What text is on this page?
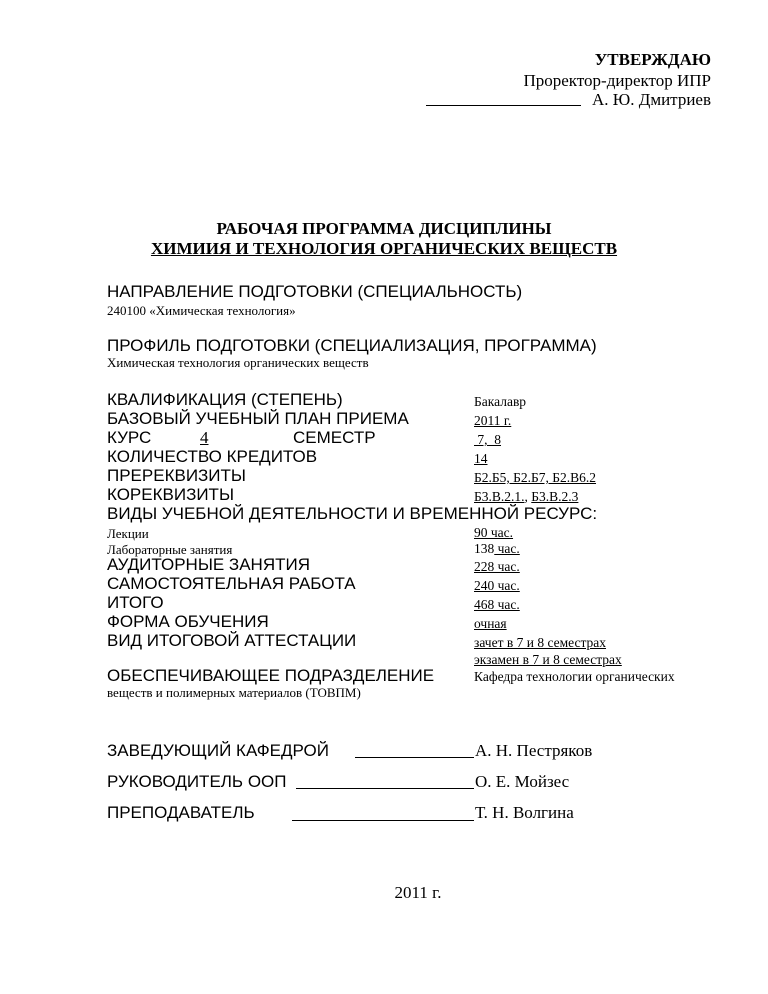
УТВЕРЖДАЮ
Проректор-директор ИПР
А. Ю. Дмитриев
РАБОЧАЯ ПРОГРАММА ДИСЦИПЛИНЫ
ХИМИИЯ И ТЕХНОЛОГИЯ ОРГАНИЧЕСКИХ ВЕЩЕСТВ
НАПРАВЛЕНИЕ ПОДГОТОВКИ (СПЕЦИАЛЬНОСТЬ)
240100 «Химическая технология»
ПРОФИЛЬ ПОДГОТОВКИ (СПЕЦИАЛИЗАЦИЯ, ПРОГРАММА)
Химическая технология органических веществ
КВАЛИФИКАЦИЯ (СТЕПЕНЬ)	Бакалавр
БАЗОВЫЙ УЧЕБНЫЙ ПЛАН ПРИЕМА	2011 г.
КУРС	4	СЕМЕСТР	7,  8
КОЛИЧЕСТВО КРЕДИТОВ	14
ПРЕРЕКВИЗИТЫ	Б2.Б5, Б2.Б7, Б2.В6.2
КОРЕКВИЗИТЫ	Б3.В.2.1., Б3.В.2.3
ВИДЫ УЧЕБНОЙ ДЕЯТЕЛЬНОСТИ И ВРЕМЕННОЙ РЕСУРС:
Лекции	90 час.
Лабораторные занятия	138 час.
АУДИТОРНЫЕ ЗАНЯТИЯ	228 час.
САМОСТОЯТЕЛЬНАЯ РАБОТА	240 час.
ИТОГО	468 час.
ФОРМА ОБУЧЕНИЯ	очная
ВИД ИТОГОВОЙ АТТЕСТАЦИИ	зачет в 7 и 8 семестрах
экзамен в 7 и 8 семестрах
ОБЕСПЕЧИВАЮЩЕЕ ПОДРАЗДЕЛЕНИЕ	Кафедра технологии органических
веществ и полимерных материалов (ТОВПМ)
ЗАВЕДУЮЩИЙ КАФЕДРОЙ	А. Н. Пестряков
РУКОВОДИТЕЛЬ ООП	О. Е. Мойзес
ПРЕПОДАВАТЕЛЬ	Т. Н. Волгина
2011 г.
